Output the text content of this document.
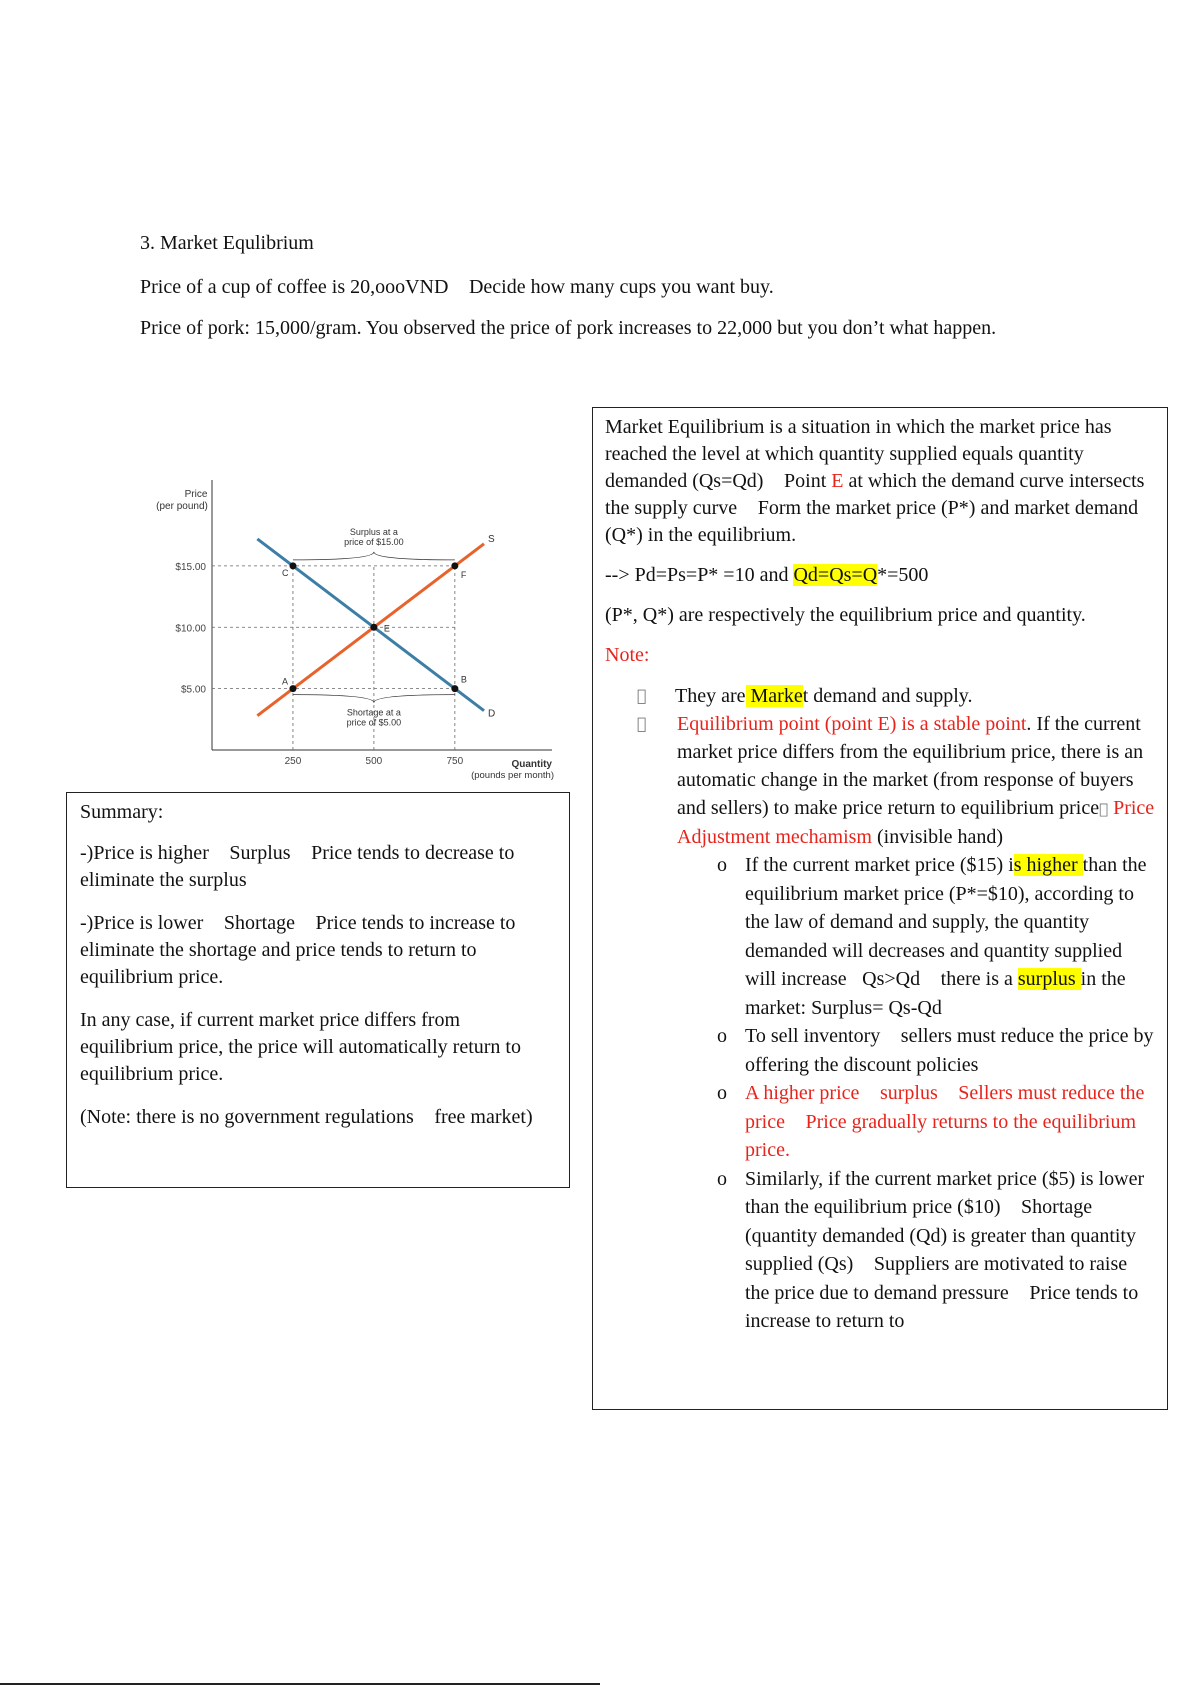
3. Market Equlibrium

Price of a cup of coffee is 20,oooVND Decide how many cups you want buy.

Price of pork: 15,000/gram. You observed the price of pork increases to 22,000 but you don’t what happen.

Price
(per pound)
Quantity
(pounds per month)
$5.00
$10.00
$15.00
250	500	750
D
S
C	F
E
A	B
Surplus at a
price of $15.00
Shortage at a
price of $5.00

Summary:

-)Price is higher Surplus Price tends to decrease to eliminate the surplus

-)Price is lower Shortage Price tends to increase to eliminate the shortage and price tends to return to equilibrium price.

In any case, if current market price differs from equilibrium price, the price will automatically return to equilibrium price.

(Note: there is no government regulations free market)

Market Equilibrium is a situation in which the market price has reached the level at which quantity supplied equals quantity demanded (Qs=Qd) Point E at which the demand curve intersects the supply curve Form the market price (P*) and market demand (Q*) in the equilibrium.

--> Pd=Ps=P* =10 and Qd=Qs=Q*=500

(P*, Q*) are respectively the equilibrium price and quantity.

Note:

They are Market demand and supply.

Equilibrium point (point E) is a stable point. If the current market price differs from the equilibrium price, there is an automatic change in the market (from response of buyers and sellers) to make price return to equilibrium price Price Adjustment mechamism (invisible hand)

o If the current market price ($15) is higher than the equilibrium market price (P*=$10), according to the law of demand and supply, the quantity demanded will decreases and quantity supplied will increase Qs>Qd there is a surplus in the market: Surplus= Qs-Qd

o To sell inventory sellers must reduce the price by offering the discount policies

o A higher price surplus Sellers must reduce the price Price gradually returns to the equilibrium price.

o Similarly, if the current market price ($5) is lower than the equilibrium price ($10) Shortage (quantity demanded (Qd) is greater than quantity supplied (Qs) Suppliers are motivated to raise the price due to demand pressure Price tends to increase to return to
